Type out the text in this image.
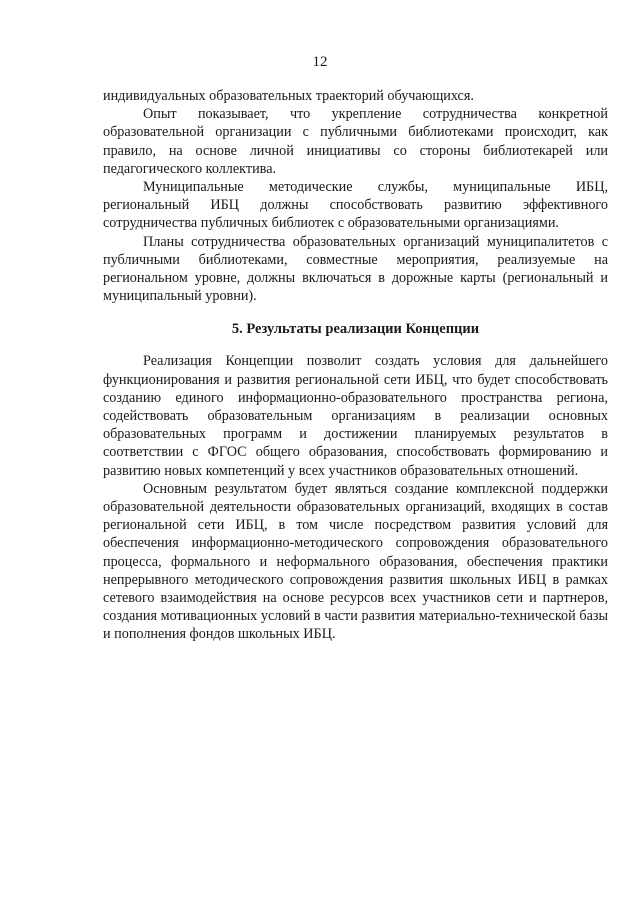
12

индивидуальных образовательных траекторий обучающихся.

Опыт показывает, что укрепление сотрудничества конкретной образовательной организации с публичными библиотеками происходит, как правило, на основе личной инициативы со стороны библиотекарей или педагогического коллектива.

Муниципальные методические службы, муниципальные ИБЦ, региональный ИБЦ должны способствовать развитию эффективного сотрудничества публичных библиотек с образовательными организациями.

Планы сотрудничества образовательных организаций муниципалитетов с публичными библиотеками, совместные мероприятия, реализуемые на региональном уровне, должны включаться в дорожные карты (региональный и муниципальный уровни).

5. Результаты реализации Концепции

Реализация Концепции позволит создать условия для дальнейшего функционирования и развития региональной сети ИБЦ, что будет способствовать созданию единого информационно-образовательного пространства региона, содействовать образовательным организациям в реализации основных образовательных программ и достижении планируемых результатов в соответствии с ФГОС общего образования, способствовать формированию и развитию новых компетенций у всех участников образовательных отношений.

Основным результатом будет являться создание комплексной поддержки образовательной деятельности образовательных организаций, входящих в состав региональной сети ИБЦ, в том числе посредством развития условий для обеспечения информационно-методического сопровождения образовательного процесса, формального и неформального образования, обеспечения практики непрерывного методического сопровождения развития школьных ИБЦ в рамках сетевого взаимодействия на основе ресурсов всех участников сети и партнеров, создания мотивационных условий в части развития материально-технической базы и пополнения фондов школьных ИБЦ.
